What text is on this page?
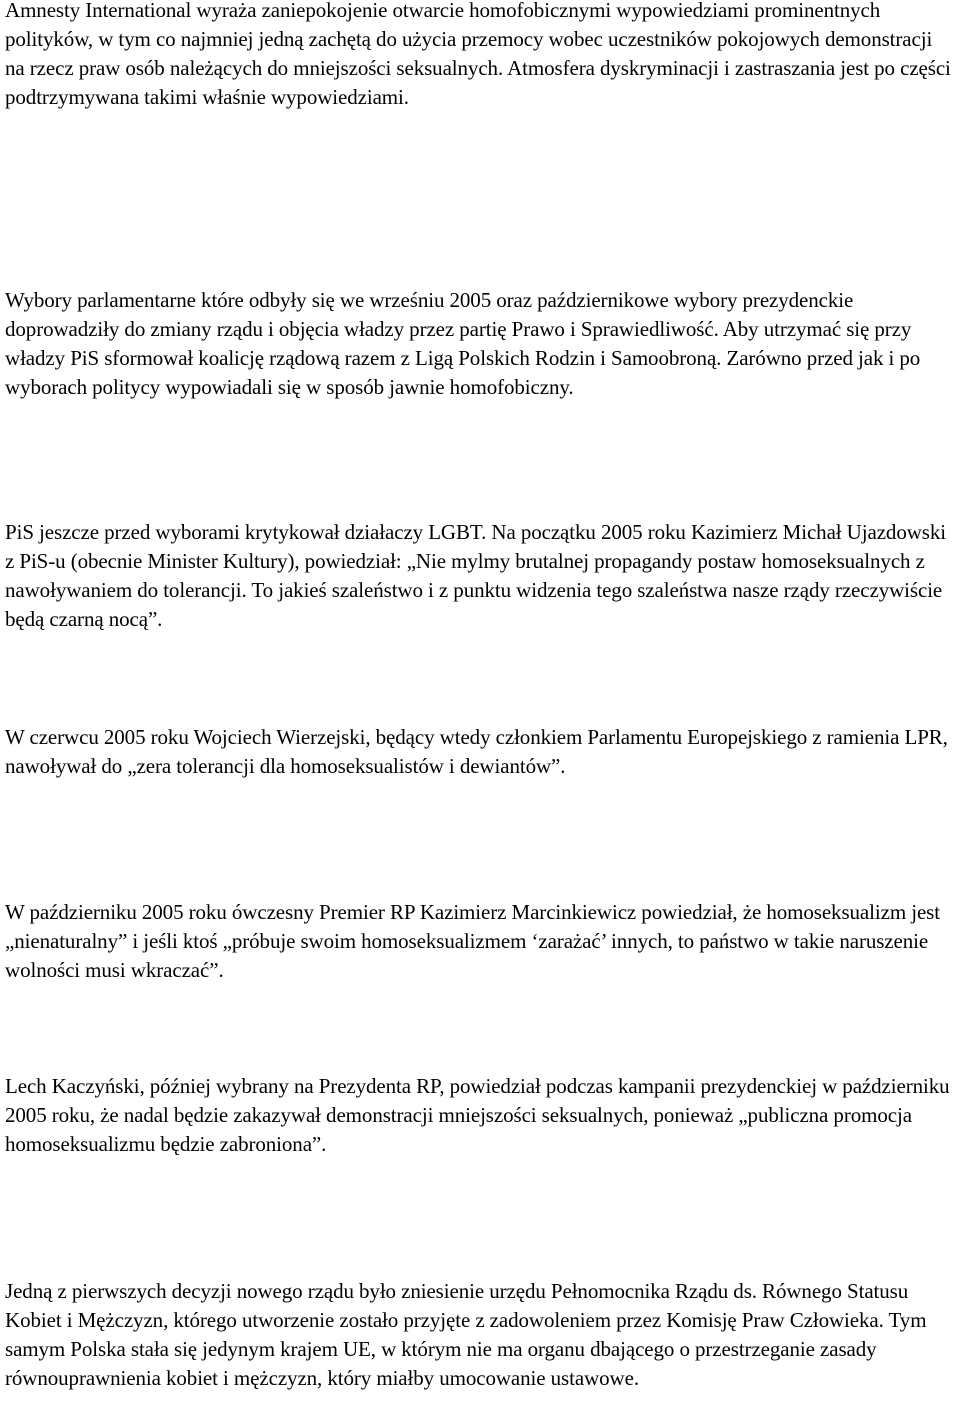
Amnesty International wyraża zaniepokojenie otwarcie homofobicznymi wypowiedziami prominentnych polityków, w tym co najmniej jedną zachętą do użycia przemocy wobec uczestników pokojowych demonstracji na rzecz praw osób należących do mniejszości seksualnych. Atmosfera dyskryminacji i zastraszania jest po części podtrzymywana takimi właśnie wypowiedziami.

Wybory parlamentarne które odbyły się we wrześniu 2005 oraz październikowe wybory prezydenckie doprowadziły do zmiany rządu i objęcia władzy przez partię Prawo i Sprawiedliwość. Aby utrzymać się przy władzy PiS sformował koalicję rządową razem z Ligą Polskich Rodzin i Samoobroną. Zarówno przed jak i po wyborach politycy wypowiadali się w sposób jawnie homofobiczny.

PiS jeszcze przed wyborami krytykował działaczy LGBT. Na początku 2005 roku Kazimierz Michał Ujazdowski z PiS-u (obecnie Minister Kultury), powiedział: „Nie mylmy brutalnej propagandy postaw homoseksualnych z nawoływaniem do tolerancji. To jakieś szaleństwo i z punktu widzenia tego szaleństwa nasze rządy rzeczywiście będą czarną nocą”.

W czerwcu 2005 roku Wojciech Wierzejski, będący wtedy członkiem Parlamentu Europejskiego z ramienia LPR, nawoływał do „zera tolerancji dla homoseksualistów i dewiantów”.

W październiku 2005 roku ówczesny Premier RP Kazimierz Marcinkiewicz powiedział, że homoseksualizm jest „nienaturalny” i jeśli ktoś „próbuje swoim homoseksualizmem ‘zarażać’ innych, to państwo w takie naruszenie wolności musi wkraczać”.

Lech Kaczyński, później wybrany na Prezydenta RP, powiedział podczas kampanii prezydenckiej w październiku 2005 roku, że nadal będzie zakazywał demonstracji mniejszości seksualnych, ponieważ „publiczna promocja homoseksualizmu będzie zabroniona”.

Jedną z pierwszych decyzji nowego rządu było zniesienie urzędu Pełnomocnika Rządu ds. Równego Statusu Kobiet i Mężczyzn, którego utworzenie zostało przyjęte z zadowoleniem przez Komisję Praw Człowieka. Tym samym Polska stała się jedynym krajem UE, w którym nie ma organu dbającego o przestrzeganie zasady równouprawnienia kobiet i mężczyzn, który miałby umocowanie ustawowe.
